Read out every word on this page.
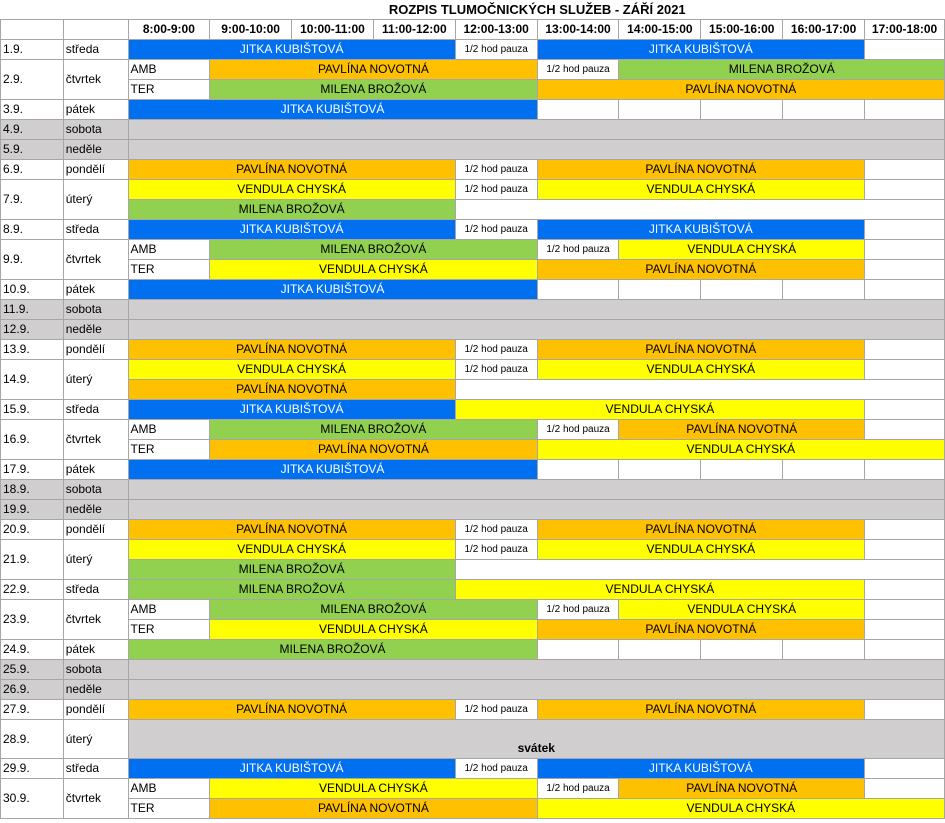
		ROZPIS TLUMOČNICKÝCH SLUŽEB - ZÁŘÍ 2021									
		8:00-9:00	9:00-10:00	10:00-11:00	11:00-12:00	12:00-13:00	13:00-14:00	14:00-15:00	15:00-16:00	16:00-17:00	17:00-18:00
1.9.	středa	JITKA KUBIŠTOVÁ				1/2 hod pauza	JITKA KUBIŠTOVÁ				
2.9.	čtvrtek	AMB	PAVLÍNA NOVOTNÁ				1/2 hod pauza	MILENA BROŽOVÁ			
		TER	MILENA BROŽOVÁ				PAVLÍNA NOVOTNÁ				
3.9.	pátek	JITKA KUBIŠTOVÁ									
4.9.	sobota										
5.9.	neděle										
6.9.	pondělí	PAVLÍNA NOVOTNÁ				1/2 hod pauza	PAVLÍNA NOVOTNÁ				
7.9.	úterý	VENDULA CHYSKÁ				1/2 hod pauza	VENDULA CHYSKÁ				
		MILENA BROŽOVÁ									
8.9.	středa	JITKA KUBIŠTOVÁ				1/2 hod pauza	JITKA KUBIŠTOVÁ				
9.9.	čtvrtek	AMB	MILENA BROŽOVÁ				1/2 hod pauza	VENDULA CHYSKÁ			
		TER	VENDULA CHYSKÁ				PAVLÍNA NOVOTNÁ				
10.9.	pátek	JITKA KUBIŠTOVÁ									
11.9.	sobota										
12.9.	neděle										
13.9.	pondělí	PAVLÍNA NOVOTNÁ				1/2 hod pauza	PAVLÍNA NOVOTNÁ				
14.9.	úterý	VENDULA CHYSKÁ				1/2 hod pauza	VENDULA CHYSKÁ				
		PAVLÍNA NOVOTNÁ									
15.9.	středa	JITKA KUBIŠTOVÁ				VENDULA CHYSKÁ					
16.9.	čtvrtek	AMB	MILENA BROŽOVÁ				1/2 hod pauza	PAVLÍNA NOVOTNÁ			
		TER	PAVLÍNA NOVOTNÁ				VENDULA CHYSKÁ				
17.9.	pátek	JITKA KUBIŠTOVÁ									
18.9.	sobota										
19.9.	neděle										
20.9.	pondělí	PAVLÍNA NOVOTNÁ				1/2 hod pauza	PAVLÍNA NOVOTNÁ				
21.9.	úterý	VENDULA CHYSKÁ				1/2 hod pauza	VENDULA CHYSKÁ				
		MILENA BROŽOVÁ									
22.9.	středa	MILENA BROŽOVÁ				VENDULA CHYSKÁ					
23.9.	čtvrtek	AMB	MILENA BROŽOVÁ				1/2 hod pauza	VENDULA CHYSKÁ			
		TER	VENDULA CHYSKÁ				PAVLÍNA NOVOTNÁ				
24.9.	pátek	MILENA BROŽOVÁ									
25.9.	sobota										
26.9.	neděle										
27.9.	pondělí	PAVLÍNA NOVOTNÁ				1/2 hod pauza	PAVLÍNA NOVOTNÁ				
28.9.	úterý	svátek									
29.9.	středa	JITKA KUBIŠTOVÁ				1/2 hod pauza	JITKA KUBIŠTOVÁ				
30.9.	čtvrtek	AMB	VENDULA CHYSKÁ				1/2 hod pauza	PAVLÍNA NOVOTNÁ			
		TER	PAVLÍNA NOVOTNÁ				VENDULA CHYSKÁ				
